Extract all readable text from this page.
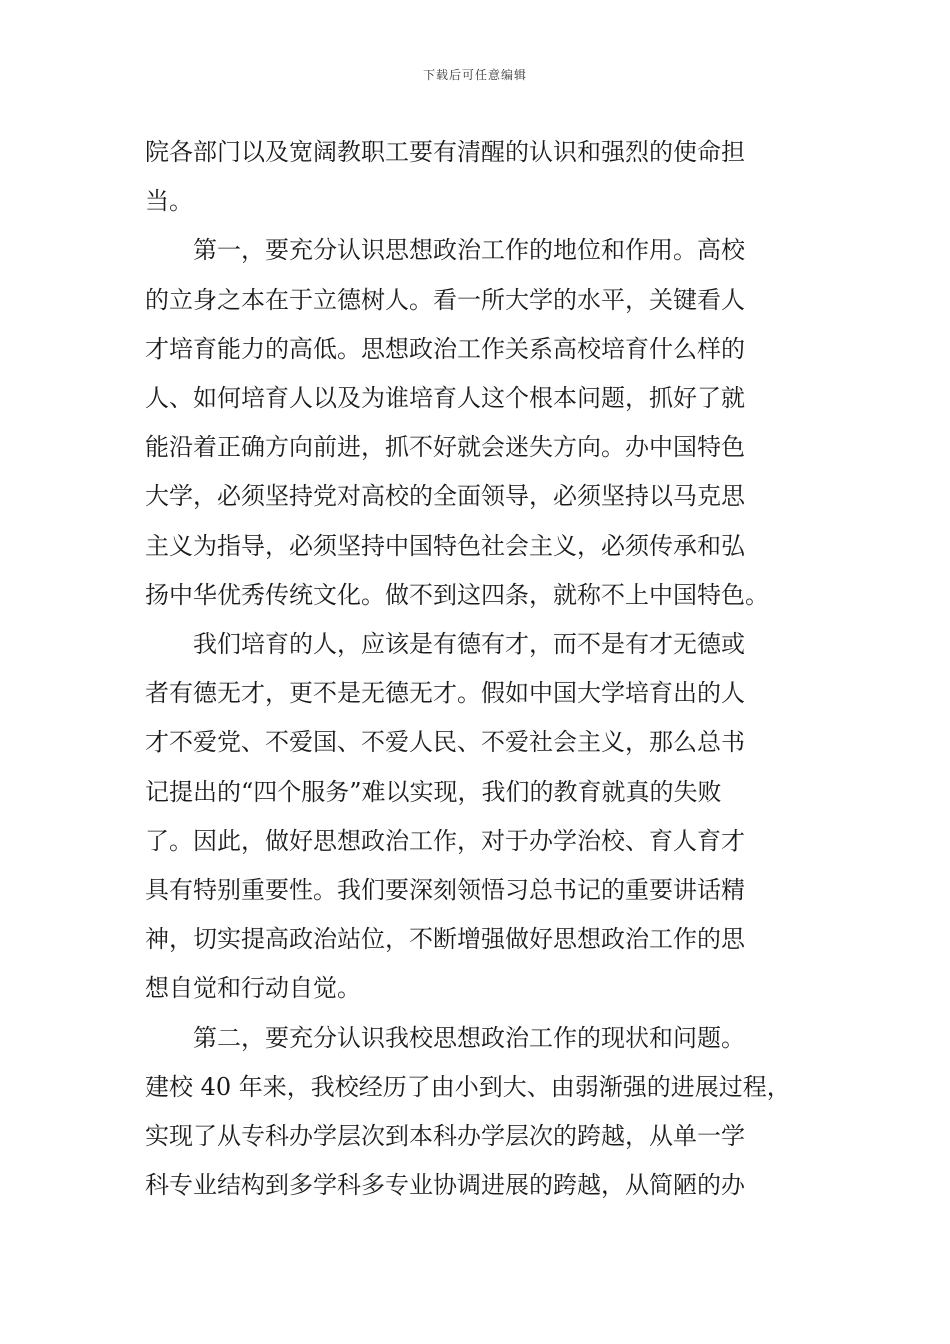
下载后可任意编辑

院各部门以及宽阔教职工要有清醒的认识和强烈的使命担
当。

第一，要充分认识思想政治工作的地位和作用。高校
的立身之本在于立德树人。看一所大学的水平，关键看人
才培育能力的高低。思想政治工作关系高校培育什么样的
人、如何培育人以及为谁培育人这个根本问题，抓好了就
能沿着正确方向前进，抓不好就会迷失方向。办中国特色
大学，必须坚持党对高校的全面领导，必须坚持以马克思
主义为指导，必须坚持中国特色社会主义，必须传承和弘
扬中华优秀传统文化。做不到这四条，就称不上中国特色。

我们培育的人，应该是有德有才，而不是有才无德或
者有德无才，更不是无德无才。假如中国大学培育出的人
才不爱党、不爱国、不爱人民、不爱社会主义，那么总书
记提出的“四个服务”难以实现，我们的教育就真的失败
了。因此，做好思想政治工作，对于办学治校、育人育才
具有特别重要性。我们要深刻领悟习总书记的重要讲话精
神，切实提高政治站位，不断增强做好思想政治工作的思
想自觉和行动自觉。

第二，要充分认识我校思想政治工作的现状和问题。
建校 40 年来，我校经历了由小到大、由弱渐强的进展过程，
实现了从专科办学层次到本科办学层次的跨越，从单一学
科专业结构到多学科多专业协调进展的跨越，从简陋的办
